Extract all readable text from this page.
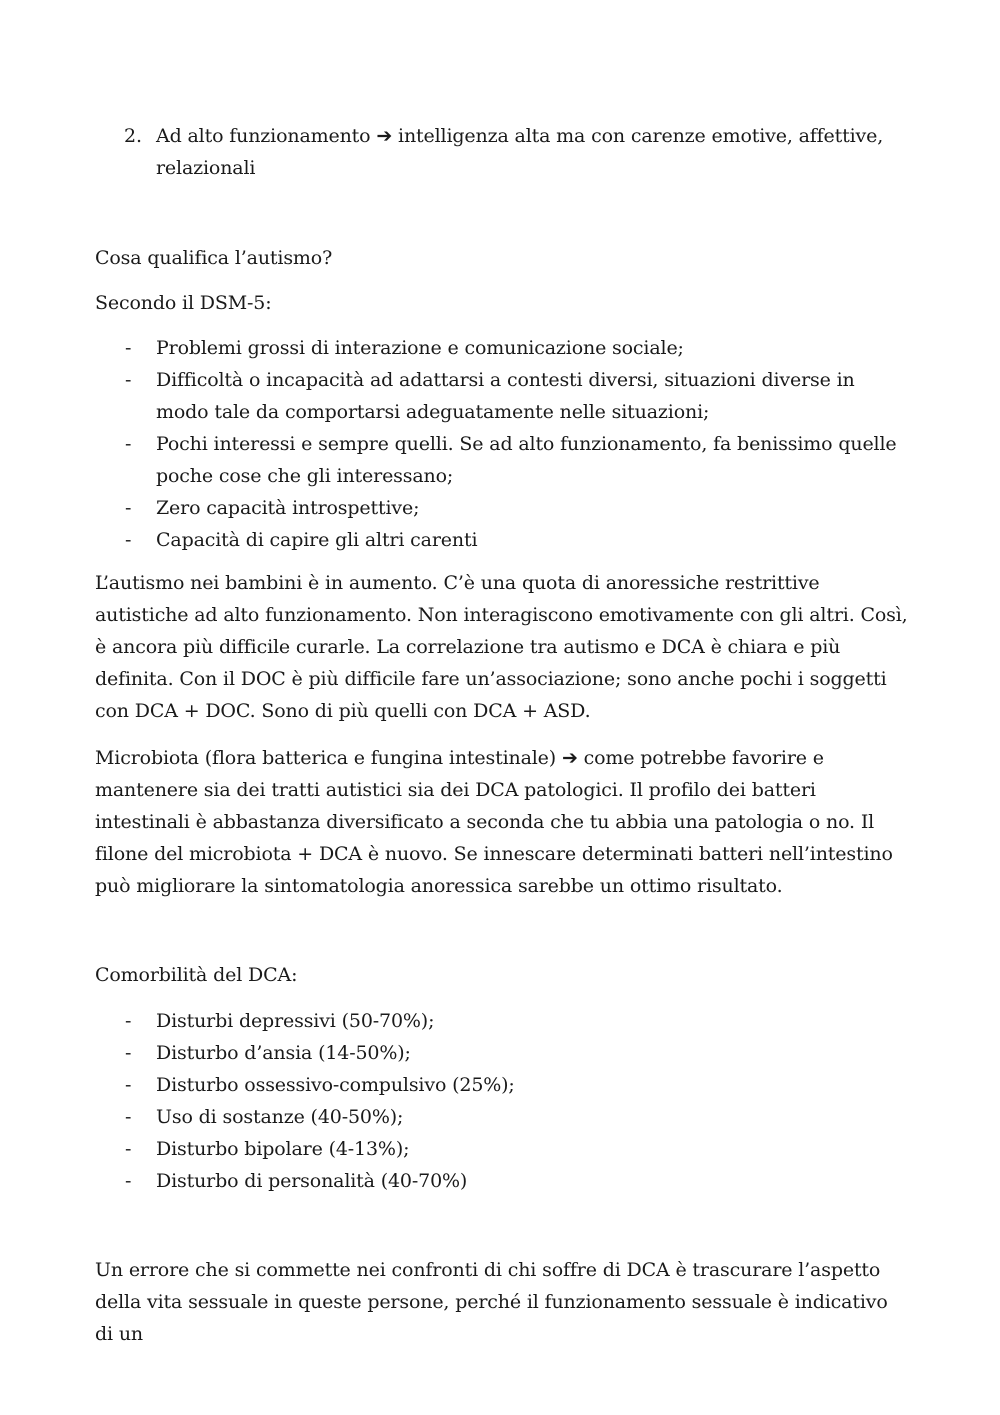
2. Ad alto funzionamento ➔ intelligenza alta ma con carenze emotive, affettive, relazionali

Cosa qualifica l’autismo?

Secondo il DSM-5:

- Problemi grossi di interazione e comunicazione sociale;
- Difficoltà o incapacità ad adattarsi a contesti diversi, situazioni diverse in modo tale da comportarsi adeguatamente nelle situazioni;
- Pochi interessi e sempre quelli. Se ad alto funzionamento, fa benissimo quelle poche cose che gli interessano;
- Zero capacità introspettive;
- Capacità di capire gli altri carenti

L’autismo nei bambini è in aumento. C’è una quota di anoressiche restrittive autistiche ad alto funzionamento. Non interagiscono emotivamente con gli altri. Così, è ancora più difficile curarle. La correlazione tra autismo e DCA è chiara e più definita. Con il DOC è più difficile fare un’associazione; sono anche pochi i soggetti con DCA + DOC. Sono di più quelli con DCA + ASD.

Microbiota (flora batterica e fungina intestinale) ➔ come potrebbe favorire e mantenere sia dei tratti autistici sia dei DCA patologici. Il profilo dei batteri intestinali è abbastanza diversificato a seconda che tu abbia una patologia o no. Il filone del microbiota + DCA è nuovo. Se innescare determinati batteri nell’intestino può migliorare la sintomatologia anoressica sarebbe un ottimo risultato.

Comorbilità del DCA:

- Disturbi depressivi (50-70%);
- Disturbo d’ansia (14-50%);
- Disturbo ossessivo-compulsivo (25%);
- Uso di sostanze (40-50%);
- Disturbo bipolare (4-13%);
- Disturbo di personalità (40-70%)

Un errore che si commette nei confronti di chi soffre di DCA è trascurare l’aspetto della vita sessuale in queste persone, perché il funzionamento sessuale è indicativo di un
